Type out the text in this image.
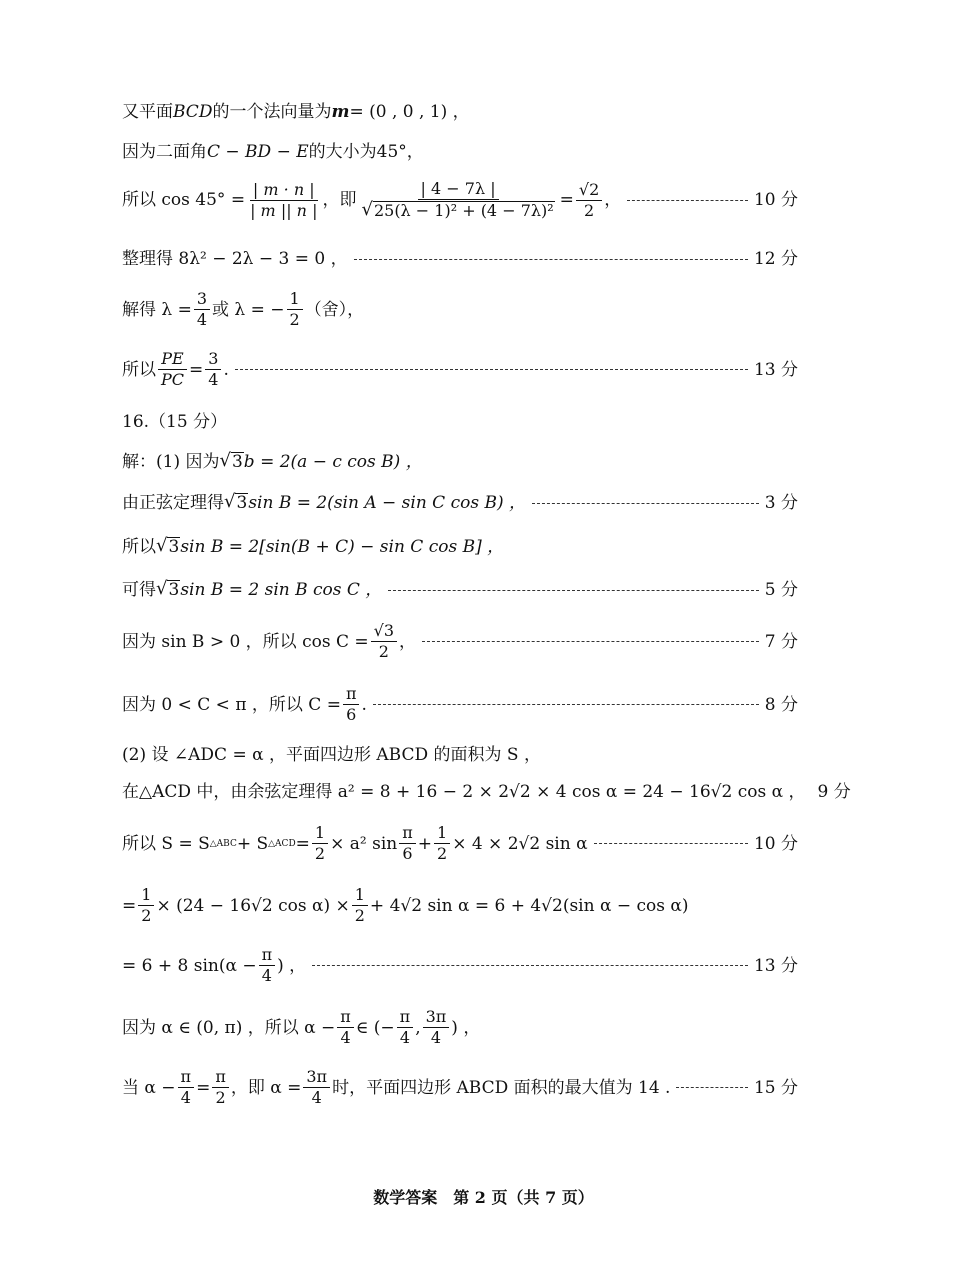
又平面 BCD 的一个法向量为 m = (0 , 0 , 1) ，
因为二面角 C − BD − E 的大小为45°，
所以 $\cos 45^\circ = \frac{| m \cdot n |}{| m || n |}$ ，即 $\frac{| 4 - 7\lambda |}{\text{√ 25(λ − 1)² + (4 − 7λ)²}} = \frac{√2}{2}$ ，	10 分
整理得 8λ² − 2λ − 3 = 0 ，	12 分
解得 $\lambda = \frac{3}{4}$ 或 λ = − $\frac{1}{2}$ （舍），
所以 $\frac{PE}{PC} = \frac{3}{4}$ .	13 分
16.（15 分）
解：(1) 因为 √ 3 b = 2(a − c cos B) ，
由正弦定理得 √ 3 sin B = 2(sin A − sin C cos B) ，	3 分
所以 √ 3 sin B = 2[sin(B + C) − sin C cos B] ，
可得 √ 3 sin B = 2 sin B cos C ，	5 分
因为 sin B > 0 ，所以 $\cos C = \frac{√3}{2}$ ，	7 分
因为 0 < C < π ，所以 $C = \frac{\pi}{6}$ .	8 分
(2) 设 ∠ADC = α ，平面四边形 ABCD 的面积为 S ，
在△ACD 中，由余弦定理得 a² = 8 + 16 − 2 × 2√2 × 4 cos α = 24 − 16√2 cos α ， 9 分
所以 S = S △ABC + S △ACD = $\frac{1}{2} \times a^2$ $\sin \frac{\pi}{6} + \frac{1}{2} \times 4 \times 2√2$ sin α	10 分
= $\frac{1}{2} \times (24 - 16√2$ $\cos \alpha) \times \frac{1}{2} + 4√2$ sin α = 6 + 4√2(sin α − cos α)
= 6 + 8 $\sin(\alpha - \frac{\pi}{4}$ ) ，	13 分
因为 α ∈ (0, π) ，所以 $\alpha - \frac{\pi}{4}$ ∈ (− $\frac{\pi}{4}$ , $\frac{3\pi}{4}$ ) ，
当 $\alpha - \frac{\pi}{4} = \frac{\pi}{2}$ ，即 $\alpha = \frac{3\pi}{4}$ 时，平面四边形 ABCD 面积的最大值为 14 .	15 分
数学答案　第 2 页（共 7 页）
